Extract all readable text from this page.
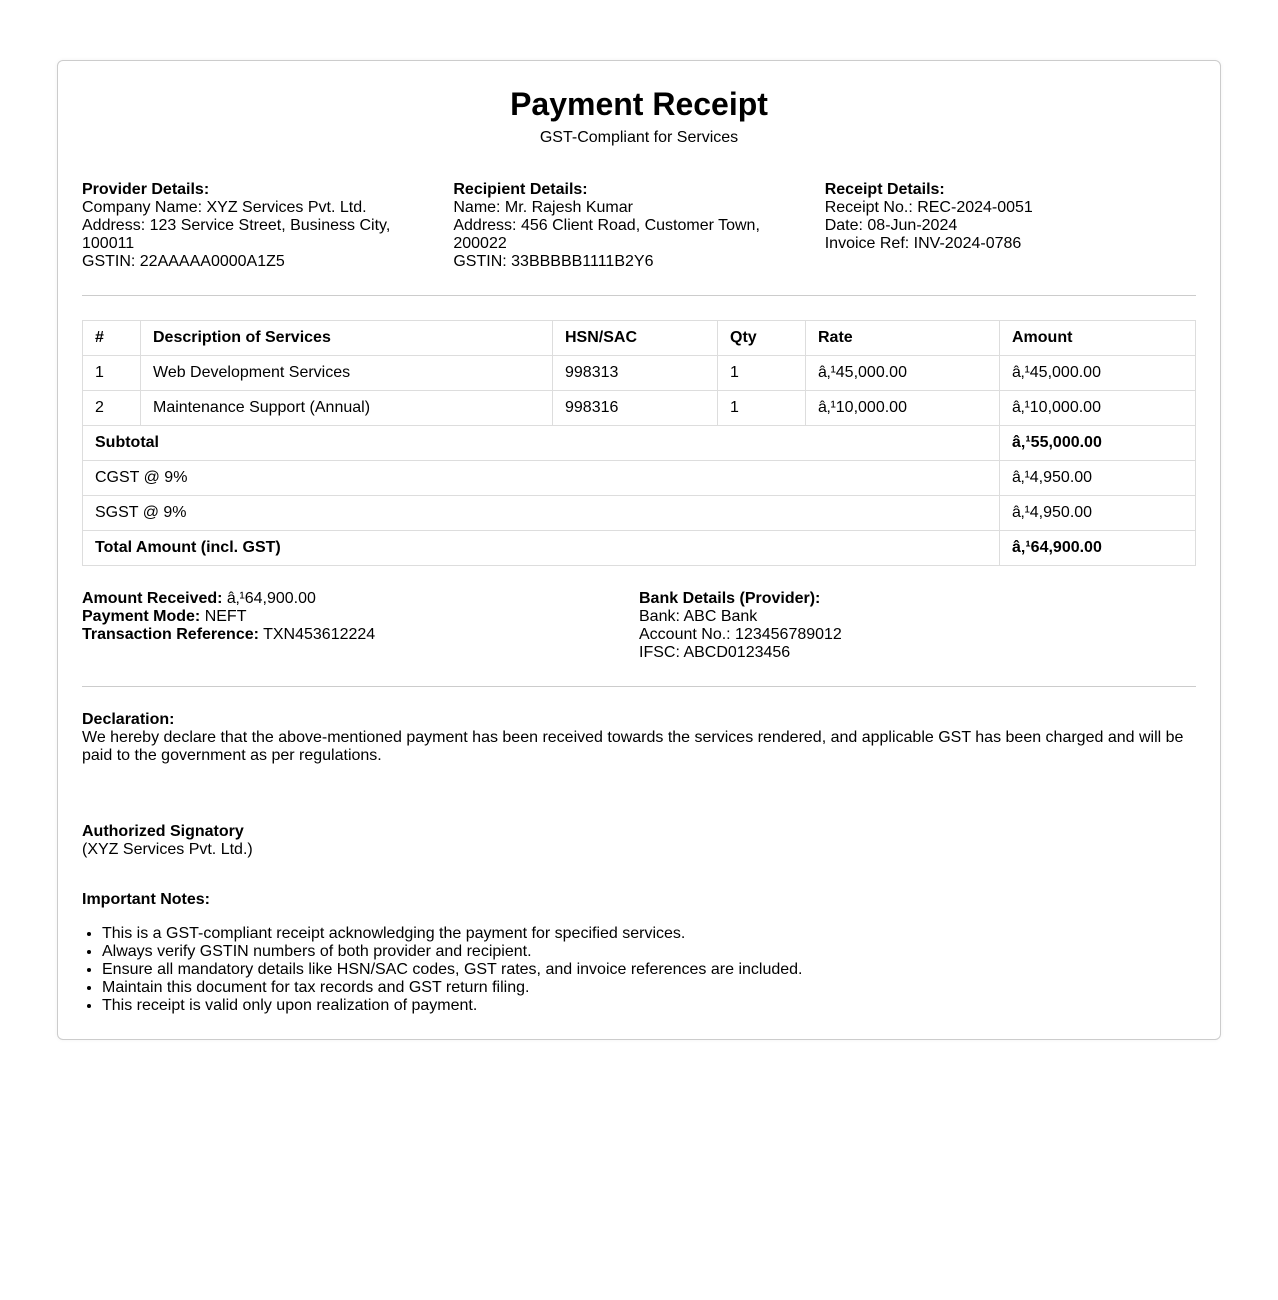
Payment Receipt
GST-Compliant for Services
Provider Details:
Company Name: XYZ Services Pvt. Ltd.
Address: 123 Service Street, Business City, 100011
GSTIN: 22AAAAA0000A1Z5
Recipient Details:
Name: Mr. Rajesh Kumar
Address: 456 Client Road, Customer Town, 200022
GSTIN: 33BBBBB1111B2Y6
Receipt Details:
Receipt No.: REC-2024-0051
Date: 08-Jun-2024
Invoice Ref: INV-2024-0786
#	Description of Services	HSN/SAC	Qty	Rate	Amount
1	Web Development Services	998313	1	â‚¹45,000.00	â‚¹45,000.00
2	Maintenance Support (Annual)	998316	1	â‚¹10,000.00	â‚¹10,000.00
Subtotal					â‚¹55,000.00
CGST @ 9%					â‚¹4,950.00
SGST @ 9%					â‚¹4,950.00
Total Amount (incl. GST)					â‚¹64,900.00
Amount Received: â‚¹64,900.00
Payment Mode: NEFT
Transaction Reference: TXN453612224
Bank Details (Provider):
Bank: ABC Bank
Account No.: 123456789012
IFSC: ABCD0123456
Declaration:
We hereby declare that the above-mentioned payment has been received towards the services rendered, and applicable GST has been charged and will be paid to the government as per regulations.
Authorized Signatory
(XYZ Services Pvt. Ltd.)
Important Notes:
• This is a GST-compliant receipt acknowledging the payment for specified services.
• Always verify GSTIN numbers of both provider and recipient.
• Ensure all mandatory details like HSN/SAC codes, GST rates, and invoice references are included.
• Maintain this document for tax records and GST return filing.
• This receipt is valid only upon realization of payment.
